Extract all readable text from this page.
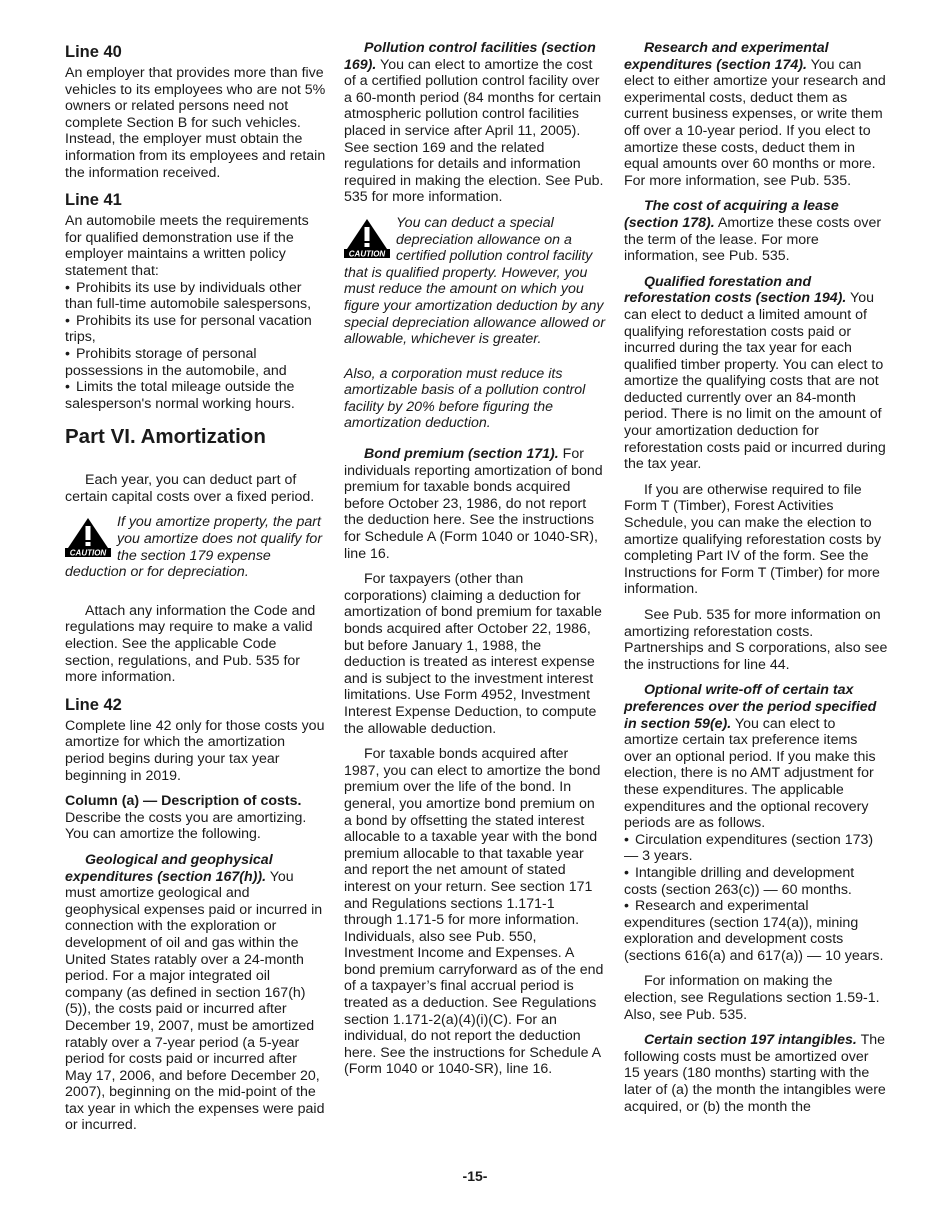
Line 40

An employer that provides more than five vehicles to its employees who are not 5% owners or related persons need not complete Section B for such vehicles. Instead, the employer must obtain the information from its employees and retain the information received.

Line 41

An automobile meets the requirements for qualified demonstration use if the employer maintains a written policy statement that:

• Prohibits its use by individuals other than full-time automobile salespersons,
• Prohibits its use for personal vacation trips,
• Prohibits storage of personal possessions in the automobile, and
• Limits the total mileage outside the salesperson's normal working hours.
Part VI. Amortization

Each year, you can deduct part of certain capital costs over a fixed period.

CAUTION
If you amortize property, the part you amortize does not qualify for the section 179 expense deduction or for depreciation.

Attach any information the Code and regulations may require to make a valid election. See the applicable Code section, regulations, and Pub. 535 for more information.

Line 42

Complete line 42 only for those costs you amortize for which the amortization period begins during your tax year beginning in 2019.

Column (a) — Description of costs. Describe the costs you are amortizing. You can amortize the following.

Geological and geophysical expenditures (section 167(h)). You must amortize geological and geophysical expenses paid or incurred in connection with the exploration or development of oil and gas within the United States ratably over a 24-month period. For a major integrated oil company (as defined in section 167(h)(5)), the costs paid or incurred after December 19, 2007, must be amortized ratably over a 7-year period (a 5-year period for costs paid or incurred after May 17, 2006, and before December 20, 2007), beginning on the mid-point of the tax year in which the expenses were paid or incurred.

Pollution control facilities (section 169). You can elect to amortize the cost of a certified pollution control facility over a 60-month period (84 months for certain atmospheric pollution control facilities placed in service after April 11, 2005). See section 169 and the related regulations for details and information required in making the election. See Pub. 535 for more information.

CAUTION
You can deduct a special depreciation allowance on a certified pollution control facility that is qualified property. However, you must reduce the amount on which you figure your amortization deduction by any special depreciation allowance allowed or allowable, whichever is greater.

Also, a corporation must reduce its amortizable basis of a pollution control facility by 20% before figuring the amortization deduction.

Bond premium (section 171). For individuals reporting amortization of bond premium for taxable bonds acquired before October 23, 1986, do not report the deduction here. See the instructions for Schedule A (Form 1040 or 1040-SR), line 16.

For taxpayers (other than corporations) claiming a deduction for amortization of bond premium for taxable bonds acquired after October 22, 1986, but before January 1, 1988, the deduction is treated as interest expense and is subject to the investment interest limitations. Use Form 4952, Investment Interest Expense Deduction, to compute the allowable deduction.

For taxable bonds acquired after 1987, you can elect to amortize the bond premium over the life of the bond. In general, you amortize bond premium on a bond by offsetting the stated interest allocable to a taxable year with the bond premium allocable to that taxable year and report the net amount of stated interest on your return. See section 171 and Regulations sections 1.171-1 through 1.171-5 for more information. Individuals, also see Pub. 550, Investment Income and Expenses. A bond premium carryforward as of the end of a taxpayer’s final accrual period is treated as a deduction. See Regulations section 1.171-2(a)(4)(i)(C). For an individual, do not report the deduction here. See the instructions for Schedule A (Form 1040 or 1040-SR), line 16.

Research and experimental expenditures (section 174). You can elect to either amortize your research and experimental costs, deduct them as current business expenses, or write them off over a 10-year period. If you elect to amortize these costs, deduct them in equal amounts over 60 months or more. For more information, see Pub. 535.

The cost of acquiring a lease (section 178). Amortize these costs over the term of the lease. For more information, see Pub. 535.

Qualified forestation and reforestation costs (section 194). You can elect to deduct a limited amount of qualifying reforestation costs paid or incurred during the tax year for each qualified timber property. You can elect to amortize the qualifying costs that are not deducted currently over an 84-month period. There is no limit on the amount of your amortization deduction for reforestation costs paid or incurred during the tax year.

If you are otherwise required to file Form T (Timber), Forest Activities Schedule, you can make the election to amortize qualifying reforestation costs by completing Part IV of the form. See the Instructions for Form T (Timber) for more information.

See Pub. 535 for more information on amortizing reforestation costs. Partnerships and S corporations, also see the instructions for line 44.

Optional write-off of certain tax preferences over the period specified in section 59(e). You can elect to amortize certain tax preference items over an optional period. If you make this election, there is no AMT adjustment for these expenditures. The applicable expenditures and the optional recovery periods are as follows.

• Circulation expenditures (section 173) — 3 years.
• Intangible drilling and development costs (section 263(c)) — 60 months.
• Research and experimental expenditures (section 174(a)), mining exploration and development costs (sections 616(a) and 617(a)) — 10 years.

For information on making the election, see Regulations section 1.59-1. Also, see Pub. 535.

Certain section 197 intangibles. The following costs must be amortized over 15 years (180 months) starting with the later of (a) the month the intangibles were acquired, or (b) the month the

-15-
